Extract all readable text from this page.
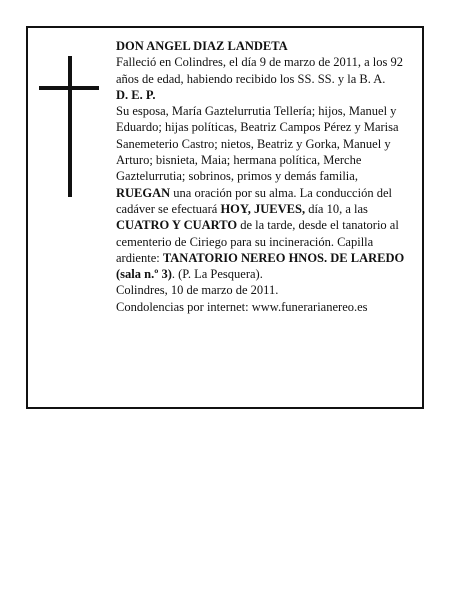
DON ANGEL DIAZ LANDETA

Falleció en Colindres, el día 9 de marzo de 2011, a los 92 años de edad, habiendo recibido los SS. SS. y la B. A.

D. E. P.

Su esposa, María Gaztelurrutia Tellería; hijos, Manuel y Eduardo; hijas políticas, Beatriz Campos Pérez y Marisa Sanemeterio Castro; nietos, Beatriz y Gorka, Manuel y Arturo; bisnieta, Maia; hermana política, Merche Gaztelurrutia; sobrinos, primos y demás familia,

RUEGAN una oración por su alma. La conducción del cadáver se efectuará HOY, JUEVES, día 10, a las CUATRO Y CUARTO de la tarde, desde el tanatorio al cementerio de Ciriego para su incineración. Capilla ardiente: TANATORIO NEREO HNOS. DE LAREDO (sala n.º 3). (P. La Pesquera).

Colindres, 10 de marzo de 2011.

Condolencias por internet: www.funerarianereo.es
